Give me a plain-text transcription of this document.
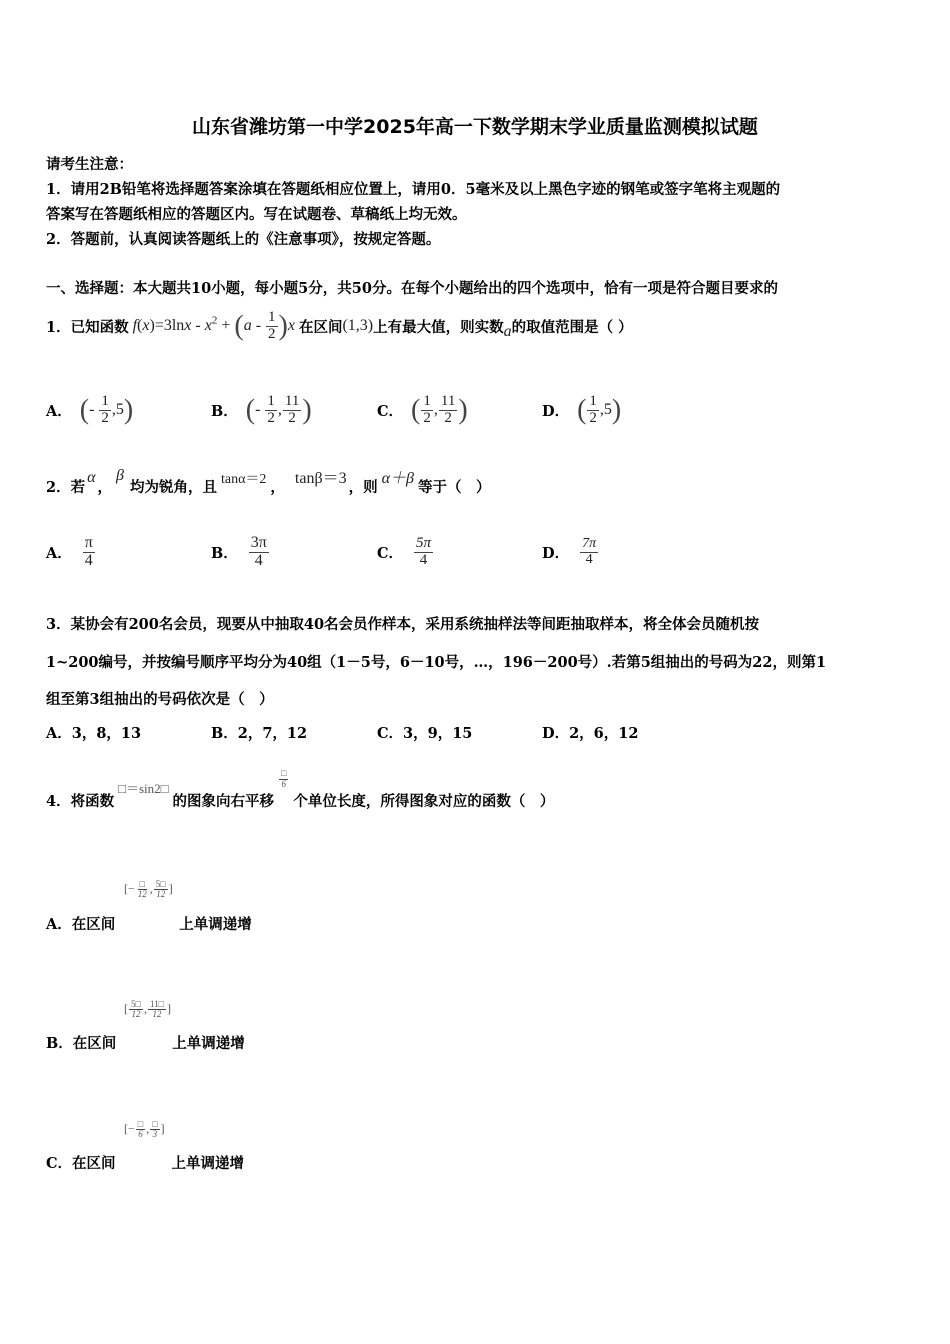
山东省潍坊第一中学2025年高一下数学期末学业质量监测模拟试题
请考生注意：
1．请用2B铅笔将选择题答案涂填在答题纸相应位置上，请用0．5毫米及以上黑色字迹的钢笔或签字笔将主观题的
答案写在答题纸相应的答题区内。写在试题卷、草稿纸上均无效。
2．答题前，认真阅读答题纸上的《注意事项》，按规定答题。
一、选择题：本大题共10小题，每小题5分，共50分。在每个小题给出的四个选项中，恰有一项是符合题目要求的
1．已知函数 $f(x)=3\ln x - x^2 + (a - \frac{1}{2} )x$ 在区间 (1,3) 上有最大值，则实数 a 的取值范围是（ ）
A． (- $\frac{1}{2} ,5$)	B． (- $\frac{1}{2}$ , $\frac{11}{2}$ )	C． ( $\frac{1}{2}$ , $\frac{11}{2}$ )	D． ( $\frac{1}{2} ,5$)
2．若
α
，
β
均为锐角，且 tanα＝2 ，
tanβ＝3
，则
α＋β
等于（　）
A． $\frac{\pi}{4}$	B． $\frac{3\pi}{4}$	C． $\frac{5\pi}{4}$	D． $\frac{7\pi}{4}$
3．某协会有200名会员，现要从中抽取40名会员作样本，采用系统抽样法等间距抽取样本，将全体会员随机按
1~200编号，并按编号顺序平均分为40组（1－5号，6－10号，…，196－200号）.若第5组抽出的号码为22，则第1
组至第3组抽出的号码依次是（　）
A．3，8，13	B．2，7，12	C．3，9，15	D．2，6，12
4．将函数
□＝sin2□
的图象向右平移
$\frac{□}{6}$
个单位长度，所得图象对应的函数（　）
[− $\frac{□}{12}$ , $\frac{5□}{12}$ ]
A．在区间	上单调递增
[ $\frac{5□}{12}$ , $\frac{11□}{12}$ ]
B．在区间	上单调递增
[− $\frac{□}{6}$ , $\frac{□}{3}$ ]
C．在区间	上单调递增
